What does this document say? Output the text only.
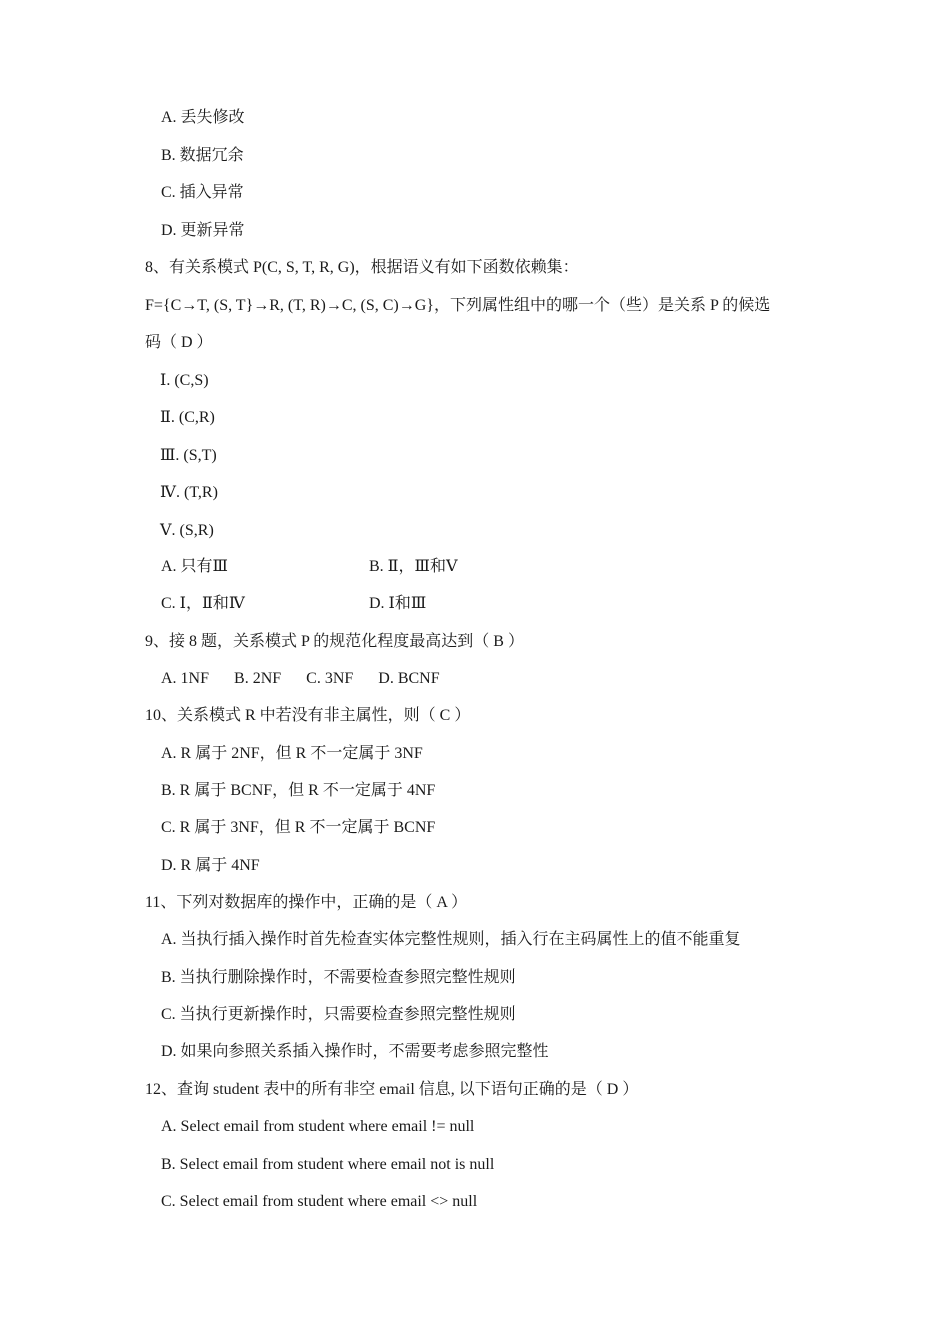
A. 丢失修改
B. 数据冗余
C. 插入异常
D. 更新异常
8、有关系模式 P(C, S, T, R, G)，根据语义有如下函数依赖集：
F={C→T, (S, T}→R, (T, R)→C, (S, C)→G}，下列属性组中的哪一个（些）是关系 P 的候选
码（ D ）
Ⅰ. (C,S)
Ⅱ. (C,R)
Ⅲ. (S,T)
Ⅳ. (T,R)
Ⅴ. (S,R)
A. 只有Ⅲ	B. Ⅱ，Ⅲ和Ⅴ
C. Ⅰ，Ⅱ和Ⅳ	D. Ⅰ和Ⅲ
9、接 8 题，关系模式 P 的规范化程度最高达到（ B ）
A. 1NF B. 2NF C. 3NF D. BCNF
10、关系模式 R 中若没有非主属性，则（ C ）
A. R 属于 2NF，但 R 不一定属于 3NF
B. R 属于 BCNF，但 R 不一定属于 4NF
C. R 属于 3NF，但 R 不一定属于 BCNF
D. R 属于 4NF
11、下列对数据库的操作中，正确的是（ A ）
A. 当执行插入操作时首先检查实体完整性规则，插入行在主码属性上的值不能重复
B. 当执行删除操作时，不需要检查参照完整性规则
C. 当执行更新操作时，只需要检查参照完整性规则
D. 如果向参照关系插入操作时，不需要考虑参照完整性
12、查询 student 表中的所有非空 email 信息, 以下语句正确的是（ D ）
A. Select email from student where email != null
B. Select email from student where email not is null
C. Select email from student where email <> null
